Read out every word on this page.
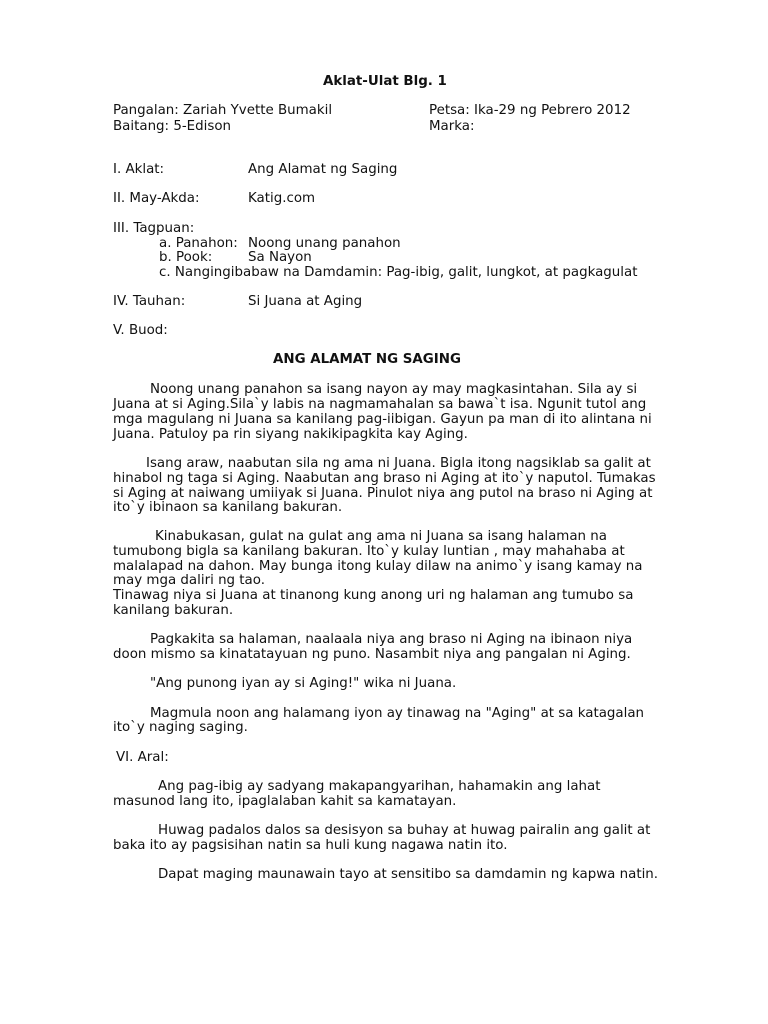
Aklat-Ulat Blg. 1
Pangalan: Zariah Yvette Bumakil	Petsa: Ika-29 ng Pebrero 2012
Baitang: 5-Edison	Marka:
I. Aklat:	Ang Alamat ng Saging
II. May-Akda:	Katig.com
III. Tagpuan:
a. Panahon: Noong unang panahon
b. Pook:	Sa Nayon
c. Nangingibabaw na Damdamin: Pag-ibig, galit, lungkot, at pagkagulat
IV. Tauhan:	Si Juana at Aging
V. Buod:
ANG ALAMAT NG SAGING
Noong unang panahon sa isang nayon ay may magkasintahan. Sila ay si
Juana at si Aging.Sila`y labis na nagmamahalan sa bawa`t isa. Ngunit tutol ang
mga magulang ni Juana sa kanilang pag-iibigan. Gayun pa man di ito alintana ni
Juana. Patuloy pa rin siyang nakikipagkita kay Aging.
Isang araw, naabutan sila ng ama ni Juana. Bigla itong nagsiklab sa galit at
hinabol ng taga si Aging. Naabutan ang braso ni Aging at ito`y naputol. Tumakas
si Aging at naiwang umiiyak si Juana. Pinulot niya ang putol na braso ni Aging at
ito`y ibinaon sa kanilang bakuran.
Kinabukasan, gulat na gulat ang ama ni Juana sa isang halaman na
tumubong bigla sa kanilang bakuran. Ito`y kulay luntian , may mahahaba at
malalapad na dahon. May bunga itong kulay dilaw na animo`y isang kamay na
may mga daliri ng tao.
Tinawag niya si Juana at tinanong kung anong uri ng halaman ang tumubo sa
kanilang bakuran.
Pagkakita sa halaman, naalaala niya ang braso ni Aging na ibinaon niya
doon mismo sa kinatatayuan ng puno. Nasambit niya ang pangalan ni Aging.
"Ang punong iyan ay si Aging!" wika ni Juana.
Magmula noon ang halamang iyon ay tinawag na "Aging" at sa katagalan
ito`y naging saging.
VI. Aral:
Ang pag-ibig ay sadyang makapangyarihan, hahamakin ang lahat
masunod lang ito, ipaglalaban kahit sa kamatayan.
Huwag padalos dalos sa desisyon sa buhay at huwag pairalin ang galit at
baka ito ay pagsisihan natin sa huli kung nagawa natin ito.
Dapat maging maunawain tayo at sensitibo sa damdamin ng kapwa natin.
